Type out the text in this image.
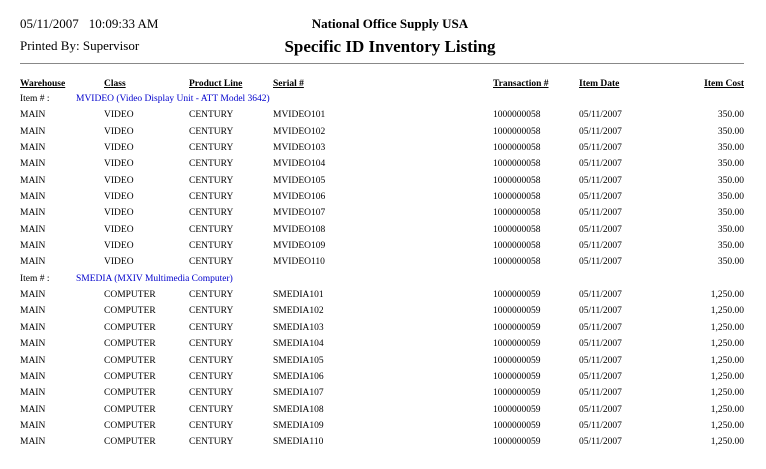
05/11/2007 10:09:33 AM
Printed By: Supervisor
National Office Supply USA
Specific ID Inventory Listing
Warehouse	Class	Product Line	Serial #	Transaction #	Item Date	Item Cost
Item # :	MVIDEO (Video Display Unit - ATT Model 3642)
MAIN	VIDEO	CENTURY	MVIDEO101	1000000058	05/11/2007	350.00
MAIN	VIDEO	CENTURY	MVIDEO102	1000000058	05/11/2007	350.00
MAIN	VIDEO	CENTURY	MVIDEO103	1000000058	05/11/2007	350.00
MAIN	VIDEO	CENTURY	MVIDEO104	1000000058	05/11/2007	350.00
MAIN	VIDEO	CENTURY	MVIDEO105	1000000058	05/11/2007	350.00
MAIN	VIDEO	CENTURY	MVIDEO106	1000000058	05/11/2007	350.00
MAIN	VIDEO	CENTURY	MVIDEO107	1000000058	05/11/2007	350.00
MAIN	VIDEO	CENTURY	MVIDEO108	1000000058	05/11/2007	350.00
MAIN	VIDEO	CENTURY	MVIDEO109	1000000058	05/11/2007	350.00
MAIN	VIDEO	CENTURY	MVIDEO110	1000000058	05/11/2007	350.00
Item # :	SMEDIA (MXIV Multimedia Computer)
MAIN	COMPUTER	CENTURY	SMEDIA101	1000000059	05/11/2007	1,250.00
MAIN	COMPUTER	CENTURY	SMEDIA102	1000000059	05/11/2007	1,250.00
MAIN	COMPUTER	CENTURY	SMEDIA103	1000000059	05/11/2007	1,250.00
MAIN	COMPUTER	CENTURY	SMEDIA104	1000000059	05/11/2007	1,250.00
MAIN	COMPUTER	CENTURY	SMEDIA105	1000000059	05/11/2007	1,250.00
MAIN	COMPUTER	CENTURY	SMEDIA106	1000000059	05/11/2007	1,250.00
MAIN	COMPUTER	CENTURY	SMEDIA107	1000000059	05/11/2007	1,250.00
MAIN	COMPUTER	CENTURY	SMEDIA108	1000000059	05/11/2007	1,250.00
MAIN	COMPUTER	CENTURY	SMEDIA109	1000000059	05/11/2007	1,250.00
MAIN	COMPUTER	CENTURY	SMEDIA110	1000000059	05/11/2007	1,250.00
